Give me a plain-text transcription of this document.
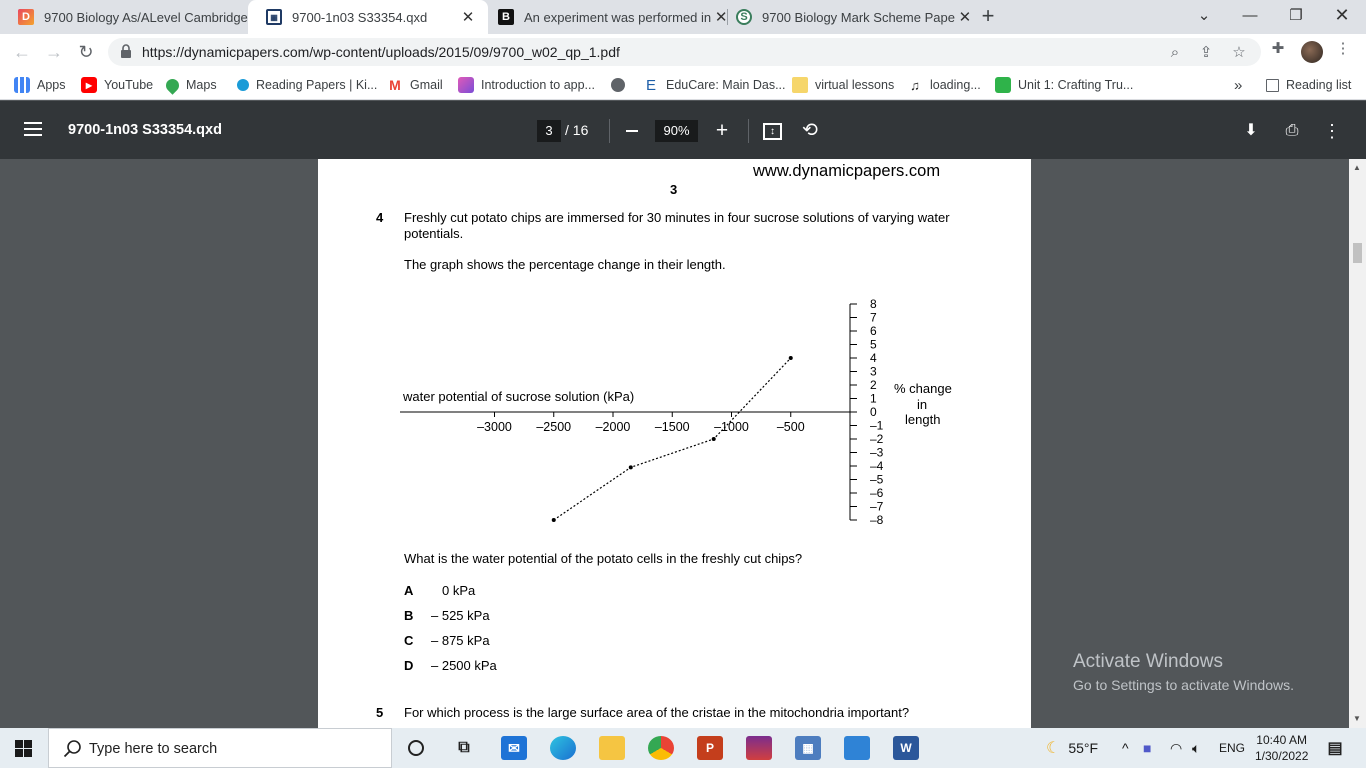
D	9700 Biology As/ALevel Cambridge	▦	9700-1n03 S33354.qxd	✕	B	An experiment was performed in ✕	S	9700 Biology Mark Scheme Pape ✕ +	⌄	—	❐	✕
← → ↻	https://dynamicpapers.com/wp-content/uploads/2015/09/9700_w02_qp_1.pdf	⌕	⇪ ☆ ✚	⋮
Apps	▶ YouTube	Maps	Reading Papers | Ki... M Gmail	Introduction to app...	E EduCare: Main Das... virtual lessons ♫ loading...	Unit 1: Crafting Tru...	»	Reading list
9700-1n03 S33354.qxd	3 / 16	90%	+	↕	⟲	⬇ ⎙ ⋮
www.dynamicpapers.com
3
4 Freshly cut potato chips are immersed for 30 minutes in four sucrose solutions of varying water
potentials.
The graph shows the percentage change in their length.
8
7
6
5
4
3
2
1
0
–1
–2
–3
–4
–5
–6
–7
–8
–3000 –2500 –2000 –1500 –1000 –500
water potential of sucrose solution (kPa)
% change
in
length
What is the water potential of the potato cells in the freshly cut chips?
A 0 kPa
B – 525 kPa
C – 875 kPa
D – 2500 kPa
5 For which process is the large surface area of the cristae in the mitochondria important?
Activate Windows
Go to Settings to activate Windows.
▲
▼
Type here to search	⧉	✉	P	▦	W	☾ 55°F ^ ■ ◠ 🔈︎ ENG
10:40 AM
1/30/2022	▤
